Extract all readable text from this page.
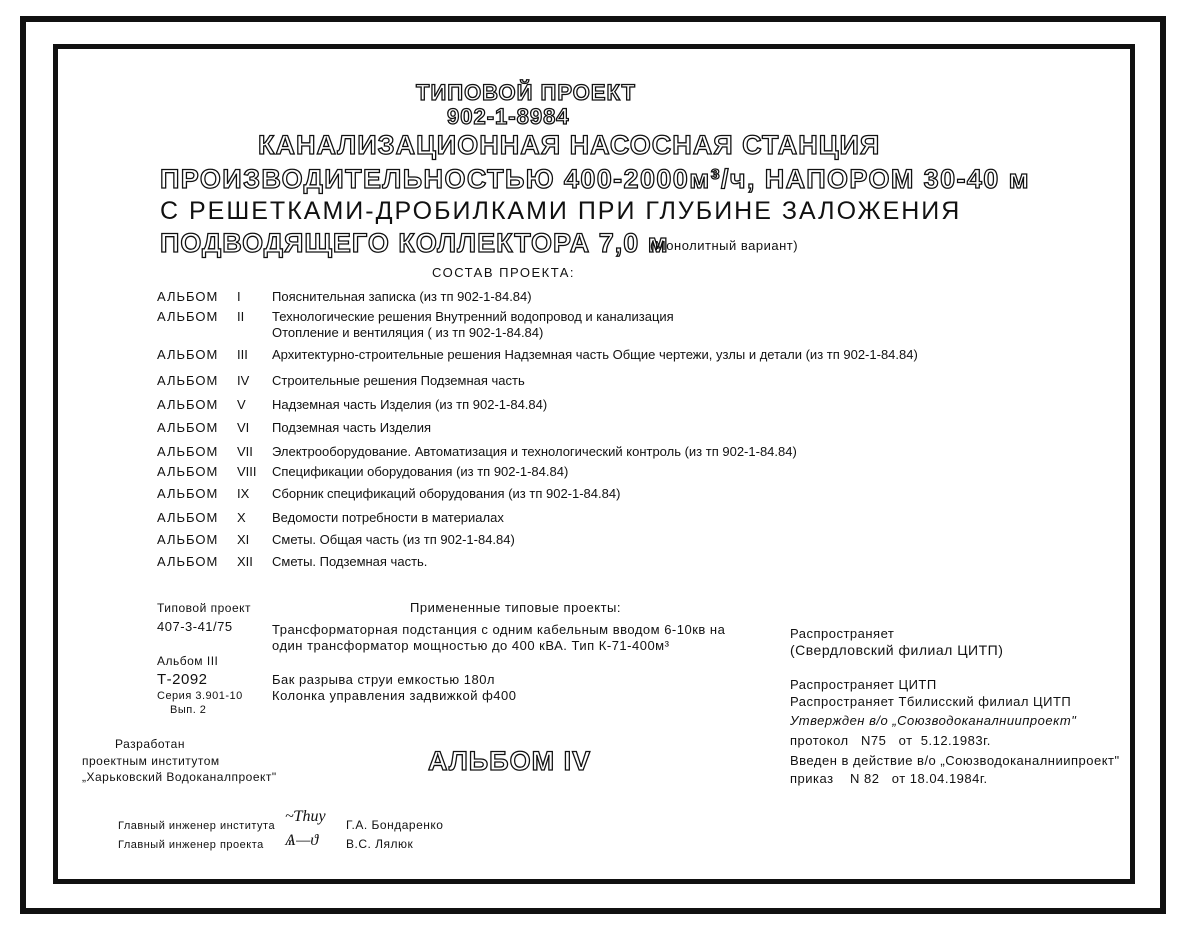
ТИПОВОЙ ПРОЕКТ
902-1-8984
КАНАЛИЗАЦИОННАЯ НАСОСНАЯ СТАНЦИЯ
ПРОИЗВОДИТЕЛЬНОСТЬЮ 400-2000м³/ч, НАПОРОМ 30-40 м
С РЕШЕТКАМИ-ДРОБИЛКАМИ ПРИ ГЛУБИНЕ ЗАЛОЖЕНИЯ
ПОДВОДЯЩЕГО КОЛЛЕКТОРА 7,0 м
(Монолитный вариант)
СОСТАВ ПРОЕКТА:
АЛЬБОМ I Пояснительная записка (из тп 902-1-84.84)
АЛЬБОМ II Технологические решения Внутренний водопровод и канализация
Отопление и вентиляция ( из тп 902-1-84.84)
АЛЬБОМ III Архитектурно-строительные решения Надземная часть Общие чертежи, узлы и детали (из тп 902-1-84.84)
АЛЬБОМ IV Строительные решения Подземная часть
АЛЬБОМ V Надземная часть Изделия (из тп 902-1-84.84)
АЛЬБОМ VI Подземная часть Изделия
АЛЬБОМ VII Электрооборудование. Автоматизация и технологический контроль (из тп 902-1-84.84)
АЛЬБОМ VIII Спецификации оборудования (из тп 902-1-84.84)
АЛЬБОМ IX Сборник спецификаций оборудования (из тп 902-1-84.84)
АЛЬБОМ X Ведомости потребности в материалах
АЛЬБОМ XI Сметы. Общая часть (из тп 902-1-84.84)
АЛЬБОМ XII Сметы. Подземная часть.
Примененные типовые проекты:
Типовой проект
407-3-41/75
Альбом III
Т-2092
Серия 3.901-10
Вып. 2
Трансформаторная подстанция с одним кабельным вводом 6-10кв на
один трансформатор мощностью до 400 кВА. Тип К-71-400м³
Бак разрыва струи емкостью 180л
Колонка управления задвижкой ф400
Распространяет
(Свердловский филиал ЦИТП)
Распространяет ЦИТП
Распространяет Тбилисский филиал ЦИТП
Утвержден в/о „Союзводоканалниипроект"
протокол   N75   от  5.12.1983г.
Введен в действие в/о „Союзводоканалниипроект"
приказ    N 82   от 18.04.1984г.
Разработан
проектным институтом
„Харьковский Водоканалпроект"
АЛЬБОМ IV
Главный инженер института
~Ƭhuy Г.А. Бондаренко
Главный инженер проекта Ѧ—ϑ В.С. Лялюк
